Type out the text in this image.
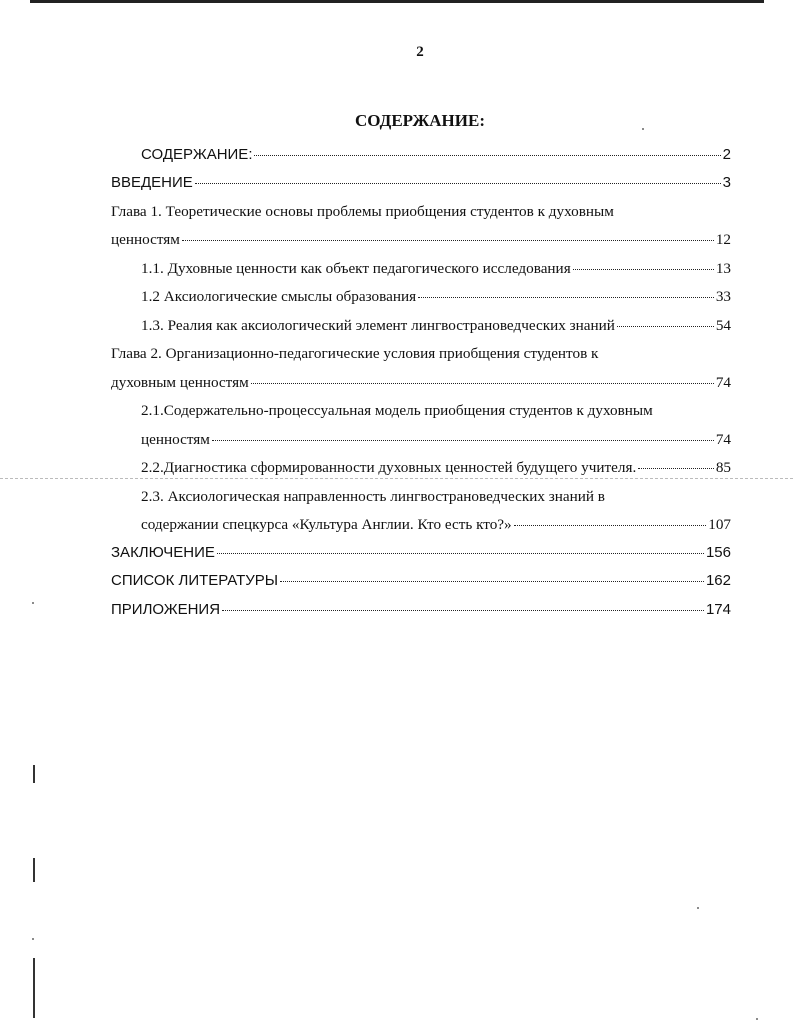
2
СОДЕРЖАНИЕ:
СОДЕРЖАНИЕ:	2
ВВЕДЕНИЕ	3
Глава 1. Теоретические основы проблемы приобщения студентов к духовным
ценностям	12
1.1. Духовные ценности как объект педагогического исследования	13
1.2 Аксиологические смыслы образования	33
1.3. Реалия как аксиологический элемент лингвострановедческих знаний	54
Глава 2. Организационно-педагогические условия приобщения студентов к
духовным ценностям	74
2.1.Содержательно-процессуальная модель приобщения студентов к духовным
ценностям	74
2.2.Диагностика сформированности духовных ценностей будущего учителя.	85
2.3. Аксиологическая направленность лингвострановедческих знаний в
содержании спецкурса «Культура Англии. Кто есть кто?»	107
ЗАКЛЮЧЕНИЕ	156
СПИСОК ЛИТЕРАТУРЫ	162
ПРИЛОЖЕНИЯ	174
